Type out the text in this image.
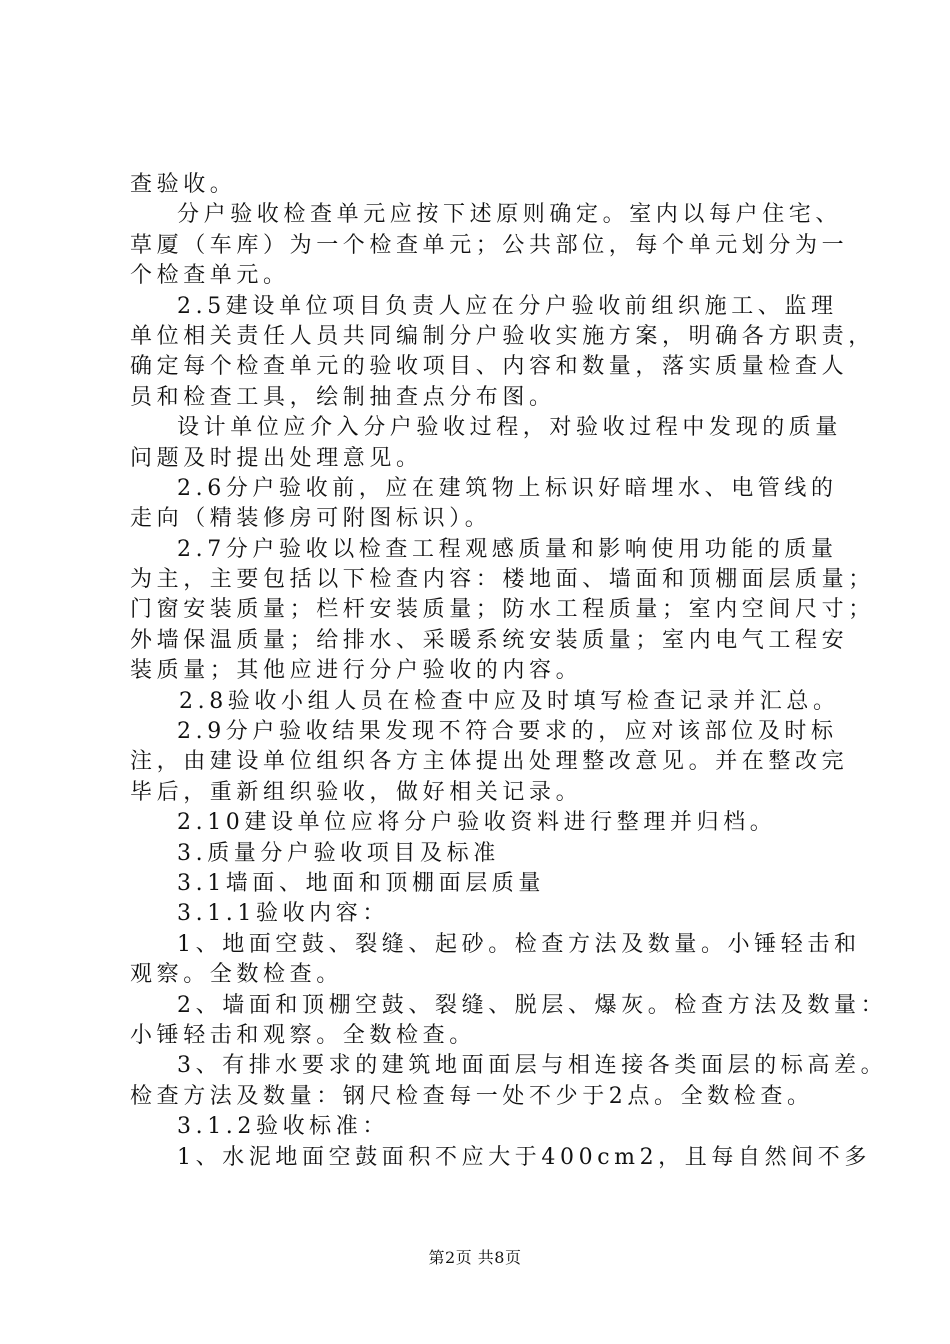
查验收。
分户验收检查单元应按下述原则确定。室内以每户住宅、
草厦（车库）为一个检查单元；公共部位，每个单元划分为一
个检查单元。
2.5建设单位项目负责人应在分户验收前组织施工、监理
单位相关责任人员共同编制分户验收实施方案，明确各方职责，
确定每个检查单元的验收项目、内容和数量，落实质量检查人
员和检查工具，绘制抽查点分布图。
设计单位应介入分户验收过程，对验收过程中发现的质量
问题及时提出处理意见。
2.6分户验收前，应在建筑物上标识好暗埋水、电管线的
走向（精装修房可附图标识）。
2.7分户验收以检查工程观感质量和影响使用功能的质量
为主，主要包括以下检查内容：楼地面、墙面和顶棚面层质量；
门窗安装质量；栏杆安装质量；防水工程质量；室内空间尺寸；
外墙保温质量；给排水、采暖系统安装质量；室内电气工程安
装质量；其他应进行分户验收的内容。
2.8验收小组人员在检查中应及时填写检查记录并汇总。
2.9分户验收结果发现不符合要求的，应对该部位及时标
注，由建设单位组织各方主体提出处理整改意见。并在整改完
毕后，重新组织验收，做好相关记录。
2.10建设单位应将分户验收资料进行整理并归档。
3.质量分户验收项目及标准
3.1墙面、地面和顶棚面层质量
3.1.1验收内容：
1、地面空鼓、裂缝、起砂。检查方法及数量。小锤轻击和
观察。全数检查。
2、墙面和顶棚空鼓、裂缝、脱层、爆灰。检查方法及数量：
小锤轻击和观察。全数检查。
3、有排水要求的建筑地面面层与相连接各类面层的标高差。
检查方法及数量：钢尺检查每一处不少于2点。全数检查。
3.1.2验收标准：
1、水泥地面空鼓面积不应大于400cm2，且每自然间不多
第2页 共8页
